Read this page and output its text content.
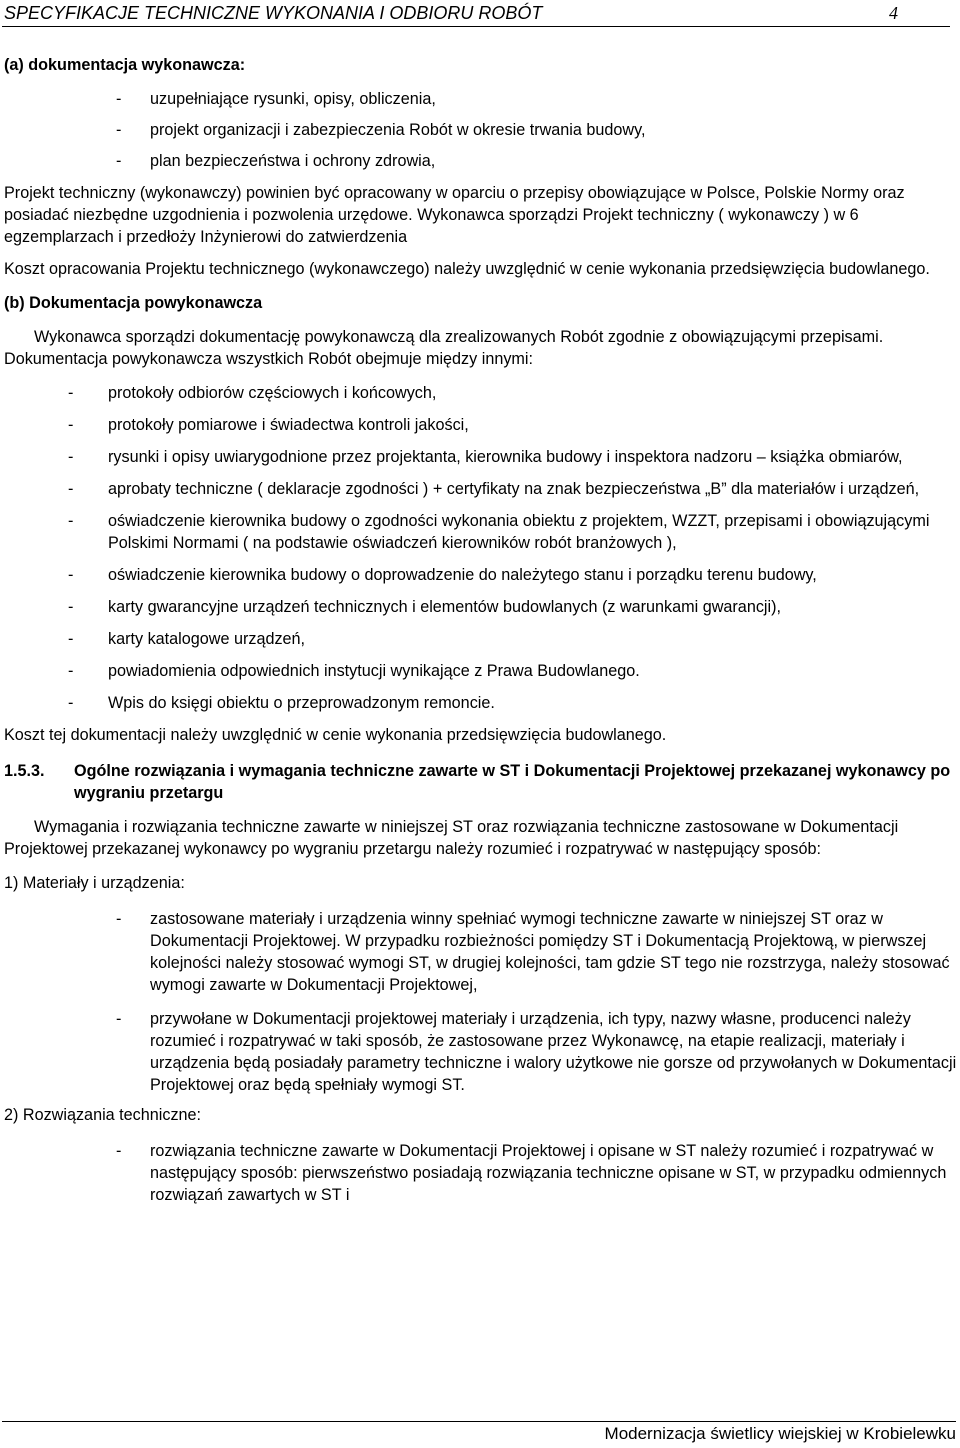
SPECYFIKACJE TECHNICZNE WYKONANIA I ODBIORU ROBÓT	4

(a) dokumentacja wykonawcza:

- uzupełniające rysunki, opisy, obliczenia,

- projekt organizacji i zabezpieczenia Robót w okresie trwania budowy,

- plan bezpieczeństwa i ochrony zdrowia,

Projekt techniczny (wykonawczy) powinien być opracowany w oparciu o przepisy obowiązujące w Polsce, Polskie Normy oraz posiadać niezbędne uzgodnienia i pozwolenia urzędowe. Wykonawca sporządzi Projekt techniczny ( wykonawczy ) w 6 egzemplarzach i przedłoży Inżynierowi do zatwierdzenia

Koszt opracowania Projektu technicznego (wykonawczego) należy uwzględnić w cenie wykonania przedsięwzięcia budowlanego.

(b) Dokumentacja powykonawcza

Wykonawca sporządzi dokumentację powykonawczą dla zrealizowanych Robót zgodnie z obowiązującymi przepisami. Dokumentacja powykonawcza wszystkich Robót obejmuje między innymi:

- protokoły odbiorów częściowych i końcowych,

- protokoły pomiarowe i świadectwa kontroli jakości,

- rysunki i opisy uwiarygodnione przez projektanta, kierownika budowy i inspektora nadzoru – książka obmiarów,

- aprobaty techniczne ( deklaracje zgodności ) + certyfikaty na znak bezpieczeństwa „B” dla materiałów i urządzeń,

- oświadczenie kierownika budowy o zgodności wykonania obiektu z projektem, WZZT, przepisami i obowiązującymi Polskimi Normami ( na podstawie oświadczeń kierowników robót branżowych ),

- oświadczenie kierownika budowy o doprowadzenie do należytego stanu i porządku terenu budowy,

- karty gwarancyjne urządzeń technicznych i elementów budowlanych (z warunkami gwarancji),

- karty katalogowe urządzeń,

- powiadomienia odpowiednich instytucji wynikające z Prawa Budowlanego.

- Wpis do księgi obiektu o przeprowadzonym remoncie.

Koszt tej dokumentacji należy uwzględnić w cenie wykonania przedsięwzięcia budowlanego.

1.5.3. Ogólne rozwiązania i wymagania techniczne zawarte w ST i Dokumentacji Projektowej przekazanej wykonawcy po wygraniu przetargu

Wymagania i rozwiązania techniczne zawarte w niniejszej ST oraz rozwiązania techniczne zastosowane w Dokumentacji Projektowej przekazanej wykonawcy po wygraniu przetargu należy rozumieć i rozpatrywać w następujący sposób:

1) Materiały i urządzenia:

- zastosowane materiały i urządzenia winny spełniać wymogi techniczne zawarte w niniejszej ST oraz w Dokumentacji Projektowej. W przypadku rozbieżności pomiędzy ST i Dokumentacją Projektową, w pierwszej kolejności należy stosować wymogi ST, w drugiej kolejności, tam gdzie ST tego nie rozstrzyga, należy stosować wymogi zawarte w Dokumentacji Projektowej,

- przywołane w Dokumentacji projektowej materiały i urządzenia, ich typy, nazwy własne, producenci należy rozumieć i rozpatrywać w taki sposób, że zastosowane przez Wykonawcę, na etapie realizacji, materiały i urządzenia będą posiadały parametry techniczne i walory użytkowe nie gorsze od przywołanych w Dokumentacji Projektowej oraz będą spełniały wymogi ST.

2) Rozwiązania techniczne:

- rozwiązania techniczne zawarte w Dokumentacji Projektowej i opisane w ST należy rozumieć i rozpatrywać w następujący sposób: pierwszeństwo posiadają rozwiązania techniczne opisane w ST, w przypadku odmiennych rozwiązań zawartych w ST i

Modernizacja świetlicy wiejskiej w Krobielewku
